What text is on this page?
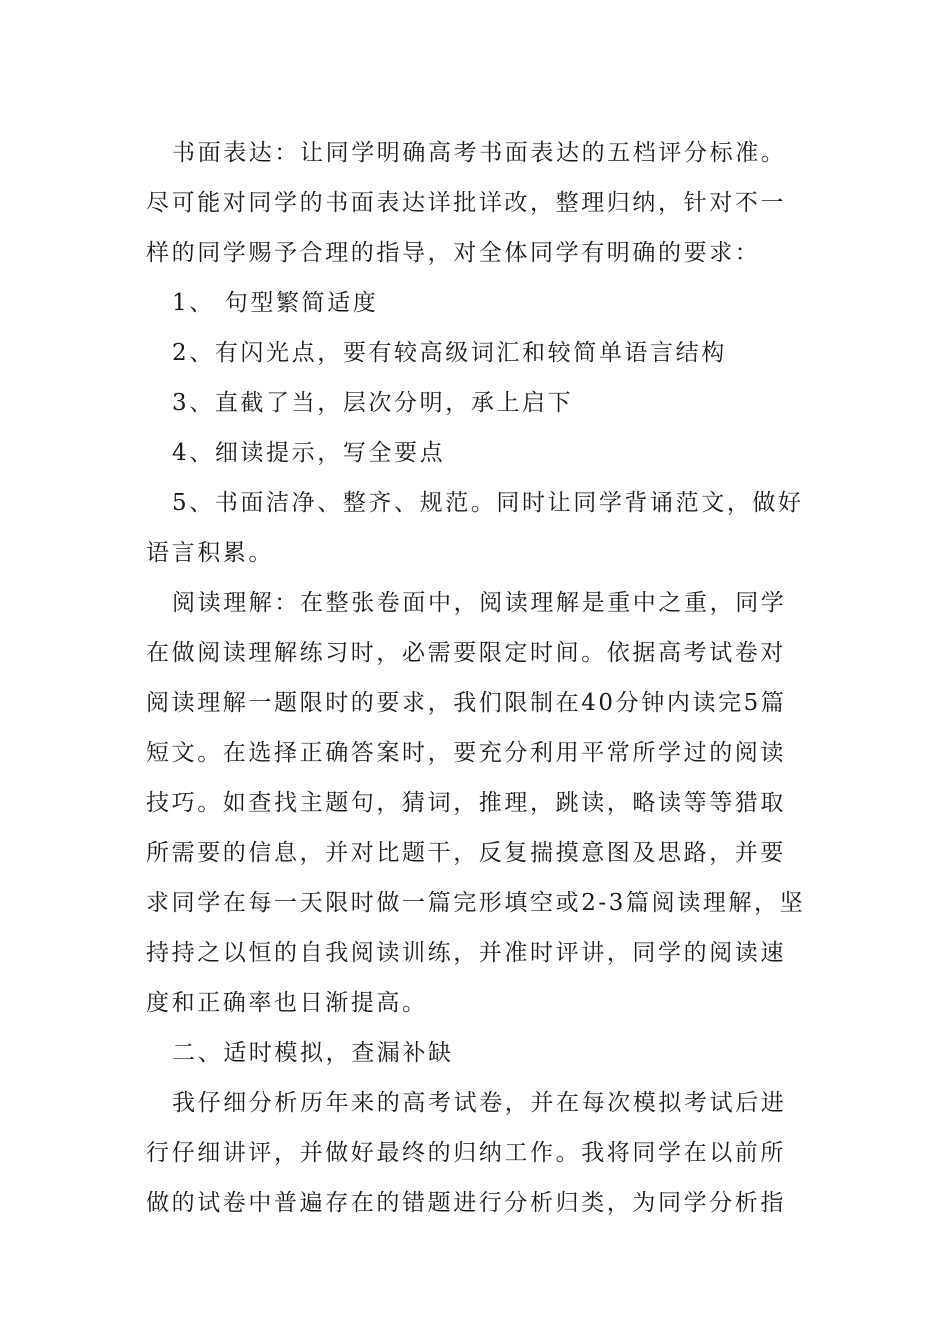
书面表达：让同学明确高考书面表达的五档评分标准。
尽可能对同学的书面表达详批详改，整理归纳，针对不一
样的同学赐予合理的指导，对全体同学有明确的要求：
1、 句型繁简适度
2、有闪光点，要有较高级词汇和较简单语言结构
3、直截了当，层次分明，承上启下
4、细读提示，写全要点
5、书面洁净、整齐、规范。同时让同学背诵范文，做好
语言积累。
阅读理解：在整张卷面中，阅读理解是重中之重，同学
在做阅读理解练习时，必需要限定时间。依据高考试卷对
阅读理解一题限时的要求，我们限制在40分钟内读完5篇
短文。在选择正确答案时，要充分利用平常所学过的阅读
技巧。如查找主题句，猜词，推理，跳读，略读等等猎取
所需要的信息，并对比题干，反复揣摸意图及思路，并要
求同学在每一天限时做一篇完形填空或2-3篇阅读理解，坚
持持之以恒的自我阅读训练，并准时评讲，同学的阅读速
度和正确率也日渐提高。
二、适时模拟，查漏补缺
我仔细分析历年来的高考试卷，并在每次模拟考试后进
行仔细讲评，并做好最终的归纳工作。我将同学在以前所
做的试卷中普遍存在的错题进行分析归类，为同学分析指
